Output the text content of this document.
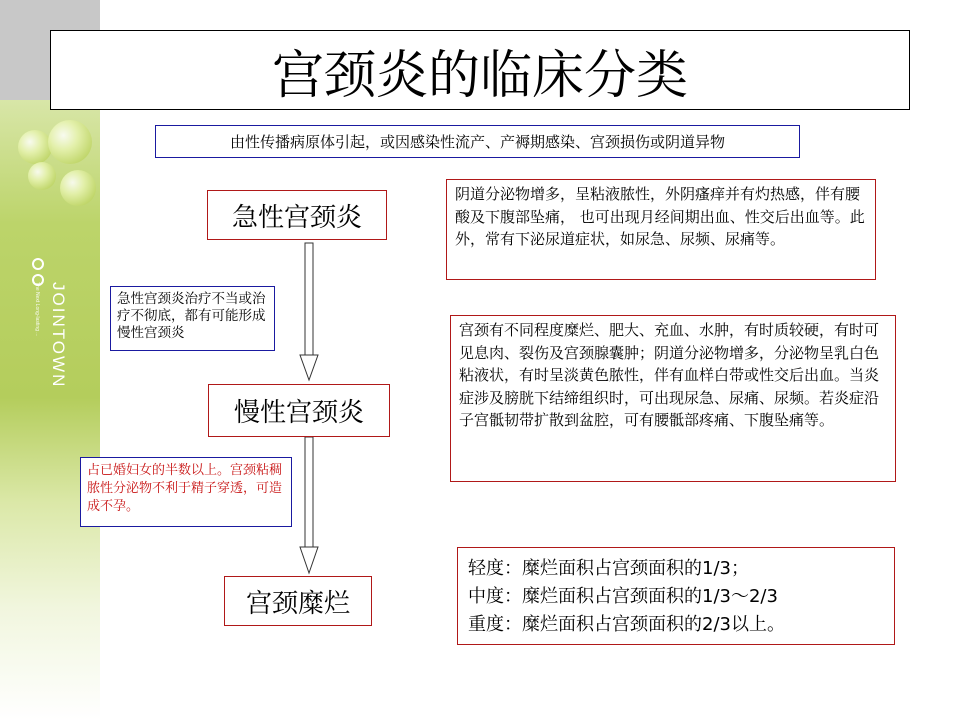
The Next Long-lasting ... JOINTOWN
宫颈炎的临床分类
由性传播病原体引起，或因感染性流产、产褥期感染、宫颈损伤或阴道异物
急性宫颈炎
阴道分泌物增多，呈粘液脓性，外阴瘙痒并有灼热感，伴有腰酸及下腹部坠痛， 也可出现月经间期出血、性交后出血等。此外，常有下泌尿道症状，如尿急、尿频、尿痛等。
急性宫颈炎治疗不当或治疗不彻底，都有可能形成慢性宫颈炎
慢性宫颈炎
宫颈有不同程度糜烂、肥大、充血、水肿，有时质较硬，有时可见息肉、裂伤及宫颈腺囊肿；阴道分泌物增多，分泌物呈乳白色粘液状，有时呈淡黄色脓性，伴有血样白带或性交后出血。当炎症涉及膀胱下结缔组织时，可出现尿急、尿痛、尿频。若炎症沿子宫骶韧带扩散到盆腔，可有腰骶部疼痛、下腹坠痛等。
占已婚妇女的半数以上。宫颈粘稠脓性分泌物不利于精子穿透，可造成不孕。
宫颈糜烂
轻度：糜烂面积占宫颈面积的1/3；
中度：糜烂面积占宫颈面积的1/3～2/3
重度：糜烂面积占宫颈面积的2/3以上。
